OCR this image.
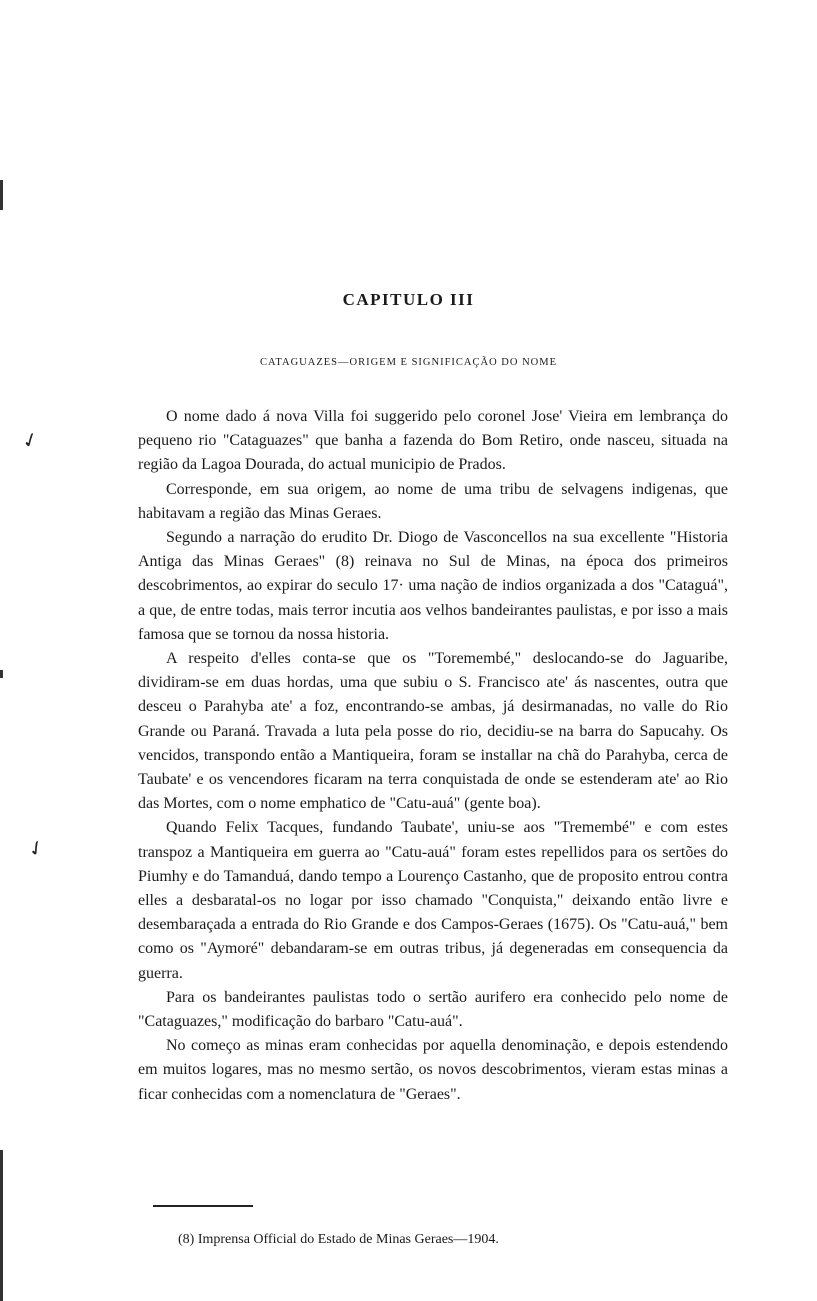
✓
✓
CAPITULO III
CATAGUAZES—ORIGEM E SIGNIFICAÇÃO DO NOME

O nome dado á nova Villa foi suggerido pelo coronel Jose' Vieira em lembrança do pequeno rio "Cataguazes" que banha a fazenda do Bom Retiro, onde nasceu, situada na região da Lagoa Dourada, do actual municipio de Prados.

Corresponde, em sua origem, ao nome de uma tribu de selvagens indigenas, que habitavam a região das Minas Geraes.

Segundo a narração do erudito Dr. Diogo de Vasconcellos na sua excellente "Historia Antiga das Minas Geraes" (8) reinava no Sul de Minas, na época dos primeiros descobrimentos, ao expirar do seculo 17· uma nação de indios organizada a dos "Cataguá", a que, de entre todas, mais terror incutia aos velhos bandeirantes paulistas, e por isso a mais famosa que se tornou da nossa historia.

A respeito d'elles conta-se que os "Toremembé," deslocando-se do Jaguaribe, dividiram-se em duas hordas, uma que subiu o S. Francisco ate' ás nascentes, outra que desceu o Parahyba ate' a foz, encontrando-se ambas, já desirmanadas, no valle do Rio Grande ou Paraná. Travada a luta pela posse do rio, decidiu-se na barra do Sapucahy. Os vencidos, transpondo então a Mantiqueira, foram se installar na chã do Parahyba, cerca de Taubate' e os vencendores ficaram na terra conquistada de onde se estenderam ate' ao Rio das Mortes, com o nome emphatico de "Catu-auá" (gente boa).

Quando Felix Tacques, fundando Taubate', uniu-se aos "Tremembé" e com estes transpoz a Mantiqueira em guerra ao "Catu-auá" foram estes repellidos para os sertões do Piumhy e do Tamanduá, dando tempo a Lourenço Castanho, que de proposito entrou contra elles a desbaratal-os no logar por isso chamado "Conquista," deixando então livre e desembaraçada a entrada do Rio Grande e dos Campos-Geraes (1675). Os "Catu-auá," bem como os "Aymoré" debandaram-se em outras tribus, já degeneradas em consequencia da guerra.

Para os bandeirantes paulistas todo o sertão aurifero era conhecido pelo nome de "Cataguazes," modificação do barbaro "Catu-auá".

No começo as minas eram conhecidas por aquella denominação, e depois estendendo em muitos logares, mas no mesmo sertão, os novos descobrimentos, vieram estas minas a ficar conhecidas com a nomenclatura de "Geraes".

(8) Imprensa Official do Estado de Minas Geraes—1904.
